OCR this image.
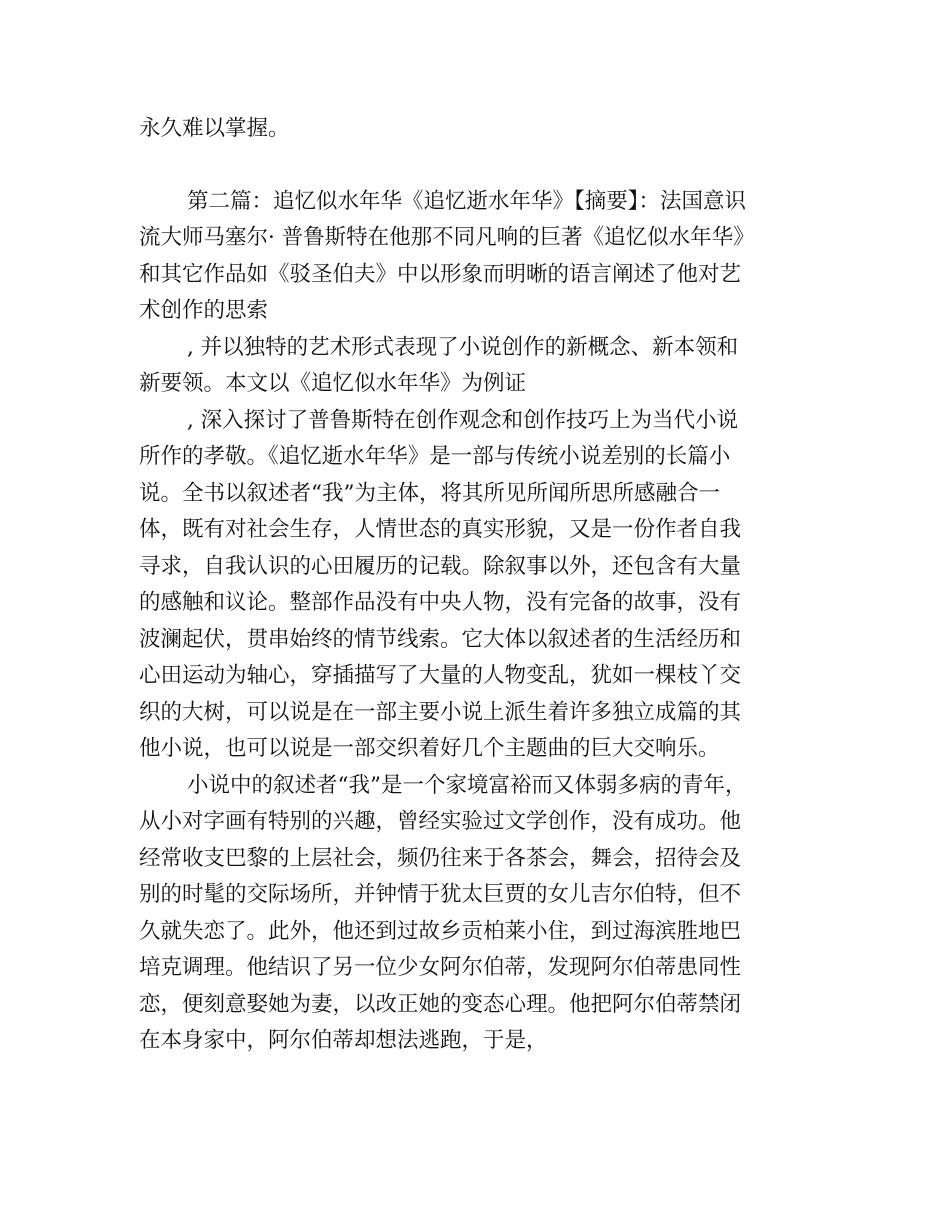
永久难以掌握。

第二篇：追忆似水年华《追忆逝水年华》【摘要】：法国意识流大师马塞尔· 普鲁斯特在他那不同凡响的巨著《追忆似水年华》和其它作品如《驳圣伯夫》中以形象而明晰的语言阐述了他对艺术创作的思索

, 并以独特的艺术形式表现了小说创作的新概念、新本领和新要领。本文以《追忆似水年华》为例证

, 深入探讨了普鲁斯特在创作观念和创作技巧上为当代小说所作的孝敬。《追忆逝水年华》是一部与传统小说差别的长篇小说。全书以叙述者“我”为主体，将其所见所闻所思所感融合一体，既有对社会生存，人情世态的真实形貌，又是一份作者自我寻求，自我认识的心田履历的记载。除叙事以外，还包含有大量的感触和议论。整部作品没有中央人物，没有完备的故事，没有波澜起伏，贯串始终的情节线索。它大体以叙述者的生活经历和心田运动为轴心，穿插描写了大量的人物变乱，犹如一棵枝丫交织的大树，可以说是在一部主要小说上派生着许多独立成篇的其他小说，也可以说是一部交织着好几个主题曲的巨大交响乐。

小说中的叙述者“我”是一个家境富裕而又体弱多病的青年，从小对字画有特别的兴趣，曾经实验过文学创作，没有成功。他经常收支巴黎的上层社会，频仍往来于各茶会，舞会，招待会及别的时髦的交际场所，并钟情于犹太巨贾的女儿吉尔伯特，但不久就失恋了。此外，他还到过故乡贡柏莱小住，到过海滨胜地巴培克调理。他结识了另一位少女阿尔伯蒂，发现阿尔伯蒂患同性恋，便刻意娶她为妻，以改正她的变态心理。他把阿尔伯蒂禁闭在本身家中，阿尔伯蒂却想法逃跑，于是，
